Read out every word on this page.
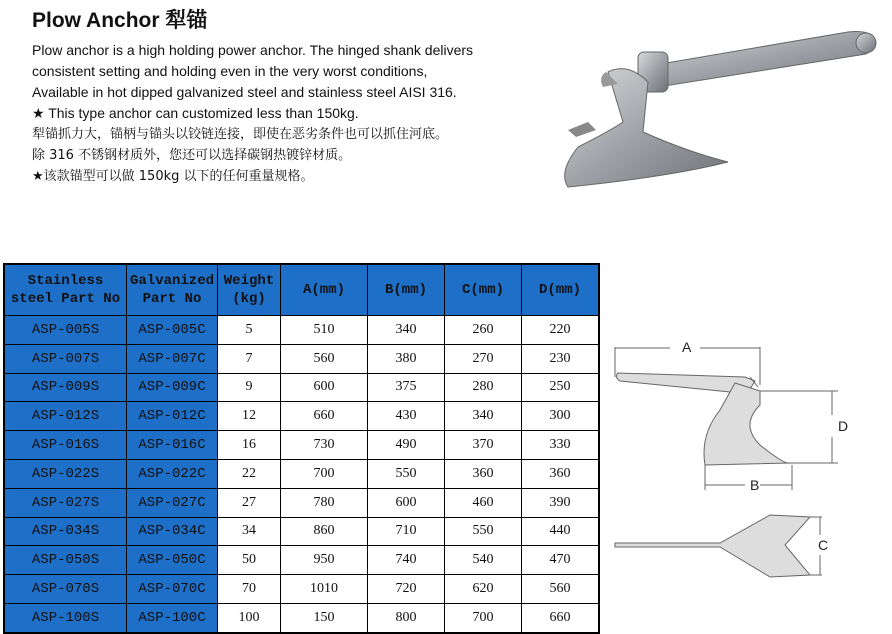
Plow Anchor 犁锚

Plow anchor is a high holding power anchor. The hinged shank delivers

consistent setting and holding even in the very worst conditions,

Available in hot dipped galvanized steel and stainless steel AISI 316.

★ This type anchor can customized less than 150kg.

犁锚抓力大，锚柄与锚头以铰链连接，即使在恶劣条件也可以抓住河底。

除 316 不锈钢材质外，您还可以选择碳钢热镀锌材质。

★该款锚型可以做 150kg 以下的任何重量规格。

Stainless steel Part No	Galvanized Part No	Weight (kg)	A(mm)	B(mm)	C(mm)	D(mm)
ASP-005S	ASP-005C	5	510	340	260	220
ASP-007S	ASP-007C	7	560	380	270	230
ASP-009S	ASP-009C	9	600	375	280	250
ASP-012S	ASP-012C	12	660	430	340	300
ASP-016S	ASP-016C	16	730	490	370	330
ASP-022S	ASP-022C	22	700	550	360	360
ASP-027S	ASP-027C	27	780	600	460	390
ASP-034S	ASP-034C	34	860	710	550	440
ASP-050S	ASP-050C	50	950	740	540	470
ASP-070S	ASP-070C	70	1010	720	620	560
ASP-100S	ASP-100C	100	150	800	700	660
A
D
B
C
